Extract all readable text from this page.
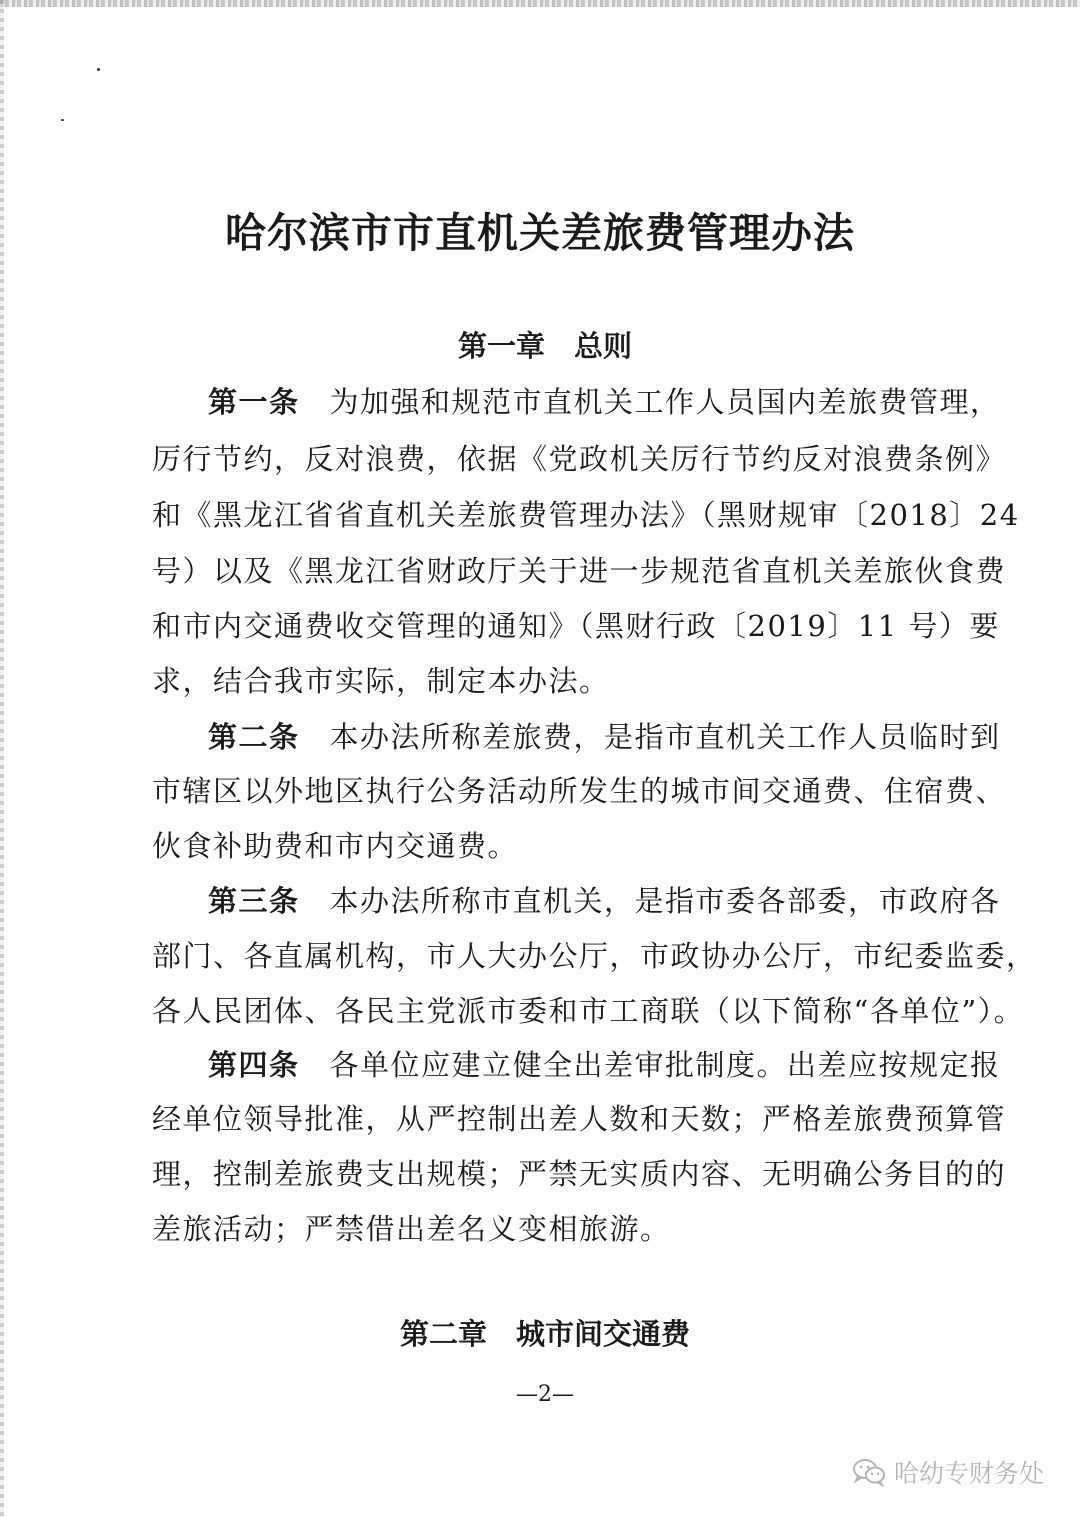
哈尔滨市市直机关差旅费管理办法
第一章　总则
第一条 为加强和规范市直机关工作人员国内差旅费管理，
厉行节约，反对浪费，依据《党政机关厉行节约反对浪费条例》
和《黑龙江省省直机关差旅费管理办法》（黑财规审〔2018〕24
号）以及《黑龙江省财政厅关于进一步规范省直机关差旅伙食费
和市内交通费收交管理的通知》（黑财行政〔2019〕11 号）要
求，结合我市实际，制定本办法。
第二条 本办法所称差旅费，是指市直机关工作人员临时到
市辖区以外地区执行公务活动所发生的城市间交通费、住宿费、
伙食补助费和市内交通费。
第三条 本办法所称市直机关，是指市委各部委，市政府各
部门、各直属机构，市人大办公厅，市政协办公厅，市纪委监委，
各人民团体、各民主党派市委和市工商联（以下简称“各单位”）。
第四条 各单位应建立健全出差审批制度。出差应按规定报
经单位领导批准，从严控制出差人数和天数；严格差旅费预算管
理，控制差旅费支出规模；严禁无实质内容、无明确公务目的的
差旅活动；严禁借出差名义变相旅游。
第二章　城市间交通费
—2—
哈幼专财务处
